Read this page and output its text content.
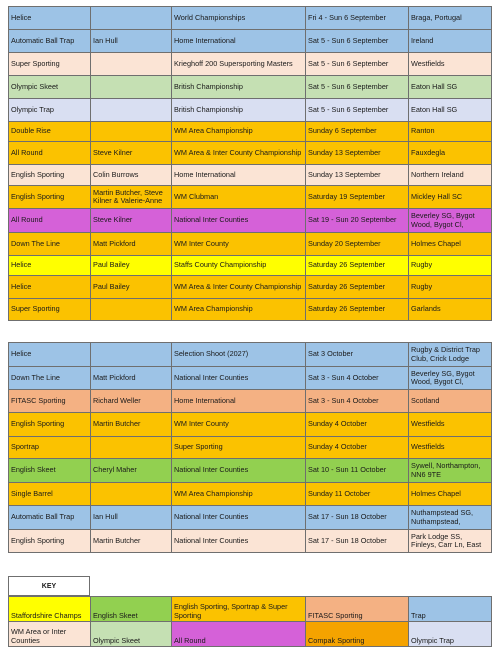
Helice		World Championships	Fri 4 - Sun 6 September	Braga, Portugal
Automatic Ball Trap	Ian Hull	Home International	Sat 5 - Sun 6 September	Ireland
Super Sporting		Krieghoff 200 Supersporting Masters	Sat 5 - Sun 6 September	Westfields
Olympic Skeet		British Championship	Sat 5 - Sun 6 September	Eaton Hall SG
Olympic Trap		British Championship	Sat 5 - Sun 6 September	Eaton Hall SG
Double Rise		WM Area Championship	Sunday 6 September	Ranton
All Round	Steve Kilner	WM Area & Inter County Championship	Sunday 13 September	Fauxdegla
English Sporting	Colin Burrows	Home International	Sunday 13 September	Northern Ireland
English Sporting	Martin Butcher, Steve Kilner & Valerie-Anne	WM Clubman	Saturday 19 September	Mickley Hall SC
All Round	Steve Kilner	National Inter Counties	Sat 19 - Sun 20 September	Beverley SG, Bygot Wood, Bygot Cl,
Down The Line	Matt Pickford	WM Inter County	Sunday 20 September	Holmes Chapel
Helice	Paul Bailey	Staffs County Championship	Saturday 26 September	Rugby
Helice	Paul Bailey	WM Area & Inter County Championship	Saturday 26 September	Rugby
Super Sporting		WM Area Championship	Saturday 26 September	Garlands
Helice		Selection Shoot (2027)	Sat 3 October	Rugby & District Trap Club, Crick Lodge
Down The Line	Matt Pickford	National Inter Counties	Sat 3 - Sun 4 October	Beverley SG, Bygot Wood, Bygot Cl,
FITASC Sporting	Richard Weller	Home International	Sat 3 - Sun 4 October	Scotland
English Sporting	Martin Butcher	WM Inter County	Sunday 4 October	Westfields
Sportrap		Super Sporting	Sunday 4 October	Westfields
English Skeet	Cheryl Maher	National Inter Counties	Sat 10 - Sun 11 October	Sywell, Northampton, NN6 9TE
Single Barrel		WM Area Championship	Sunday 11 October	Holmes Chapel
Automatic Ball Trap	Ian Hull	National Inter Counties	Sat 17 - Sun 18 October	Nuthampstead SG, Nuthampstead,
English Sporting	Martin Butcher	National Inter Counties	Sat 17 - Sun 18 October	Park Lodge SS, Finleys, Carr Ln, East
KEY
Staffordshire Champs	English Skeet	English Sporting, Sportrap & Super Sporting	FITASC Sporting	Trap
WM Area or Inter Counties	Olympic Skeet	All Round	Compak Sporting	Olympic Trap
